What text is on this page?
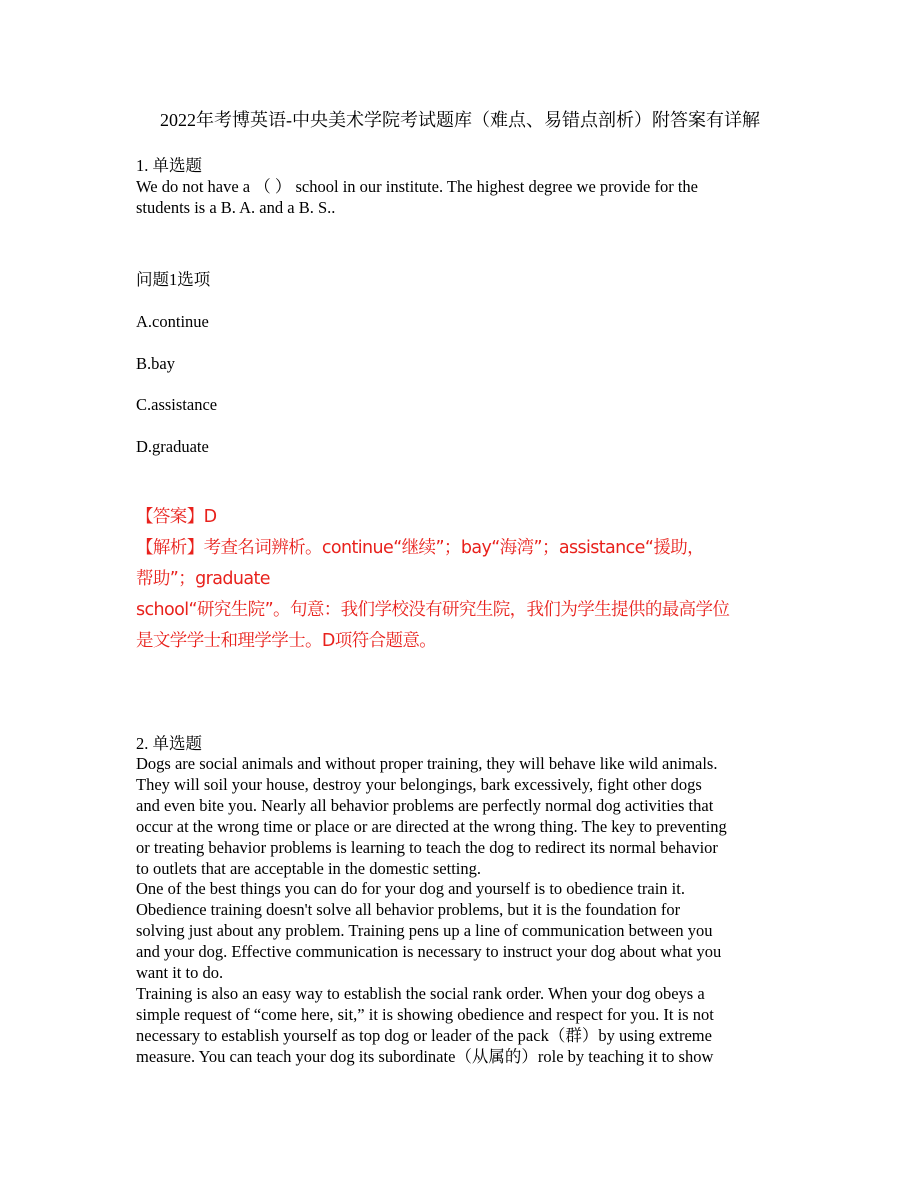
2022年考博英语-中央美术学院考试题库（难点、易错点剖析）附答案有详解
1. 单选题
We do not have a （ ） school in our institute. The highest degree we provide for the
students is a B. A. and a B. S..
问题1选项
A.continue
B.bay
C.assistance
D.graduate
【答案】D
【解析】考查名词辨析。continue“继续”；bay“海湾”；assistance“援助，
帮助”；graduate
school“研究生院”。句意：我们学校没有研究生院，我们为学生提供的最高学位
是文学学士和理学学士。D项符合题意。
2. 单选题
Dogs are social animals and without proper training, they will behave like wild animals.
They will soil your house, destroy your belongings, bark excessively, fight other dogs
and even bite you. Nearly all behavior problems are perfectly normal dog activities that
occur at the wrong time or place or are directed at the wrong thing. The key to preventing
or treating behavior problems is learning to teach the dog to redirect its normal behavior
to outlets that are acceptable in the domestic setting.
One of the best things you can do for your dog and yourself is to obedience train it.
Obedience training doesn't solve all behavior problems, but it is the foundation for
solving just about any problem. Training pens up a line of communication between you
and your dog. Effective communication is necessary to instruct your dog about what you
want it to do.
Training is also an easy way to establish the social rank order. When your dog obeys a
simple request of “come here, sit,” it is showing obedience and respect for you. It is not
necessary to establish yourself as top dog or leader of the pack（群）by using extreme
measure. You can teach your dog its subordinate（从属的）role by teaching it to show
